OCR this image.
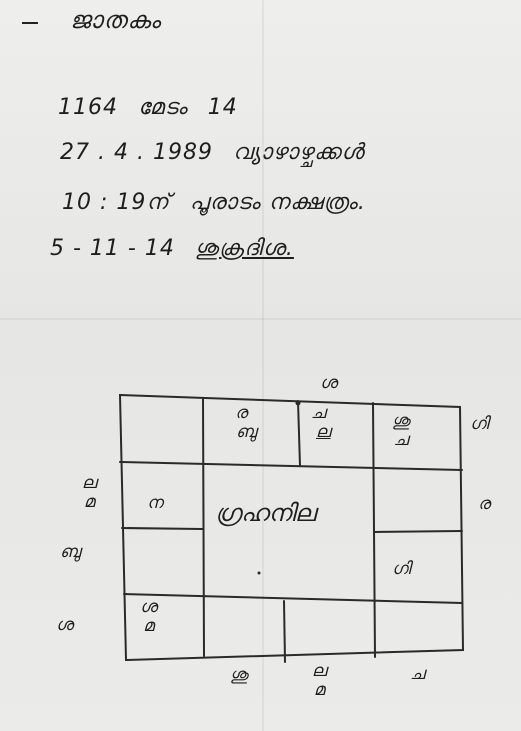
ജാതകം
1164 മേടം 14
27 . 4 . 1989 വ്യാഴാഴ്ചക്കൾ
10 : 19ന് പൂരാടം നക്ഷത്രം.
5 - 11 - 14 ശുക്രദിശ.
ഗ്രഹനില
ര
ബു
ച
ല
ശു
ച
ന
ഗി
ശ
മ
ശ
ഗി
ല
മ	ര
ബു
ശ
ശു	ല
മ
ച
